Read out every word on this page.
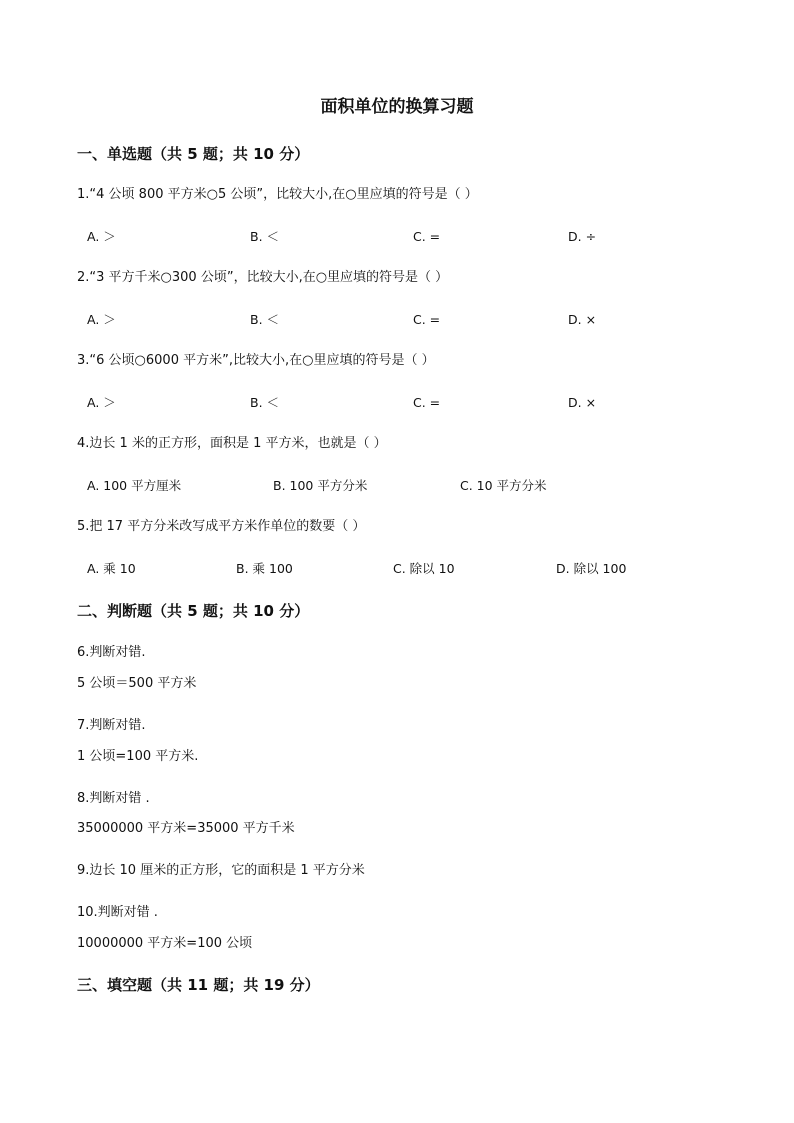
面积单位的换算习题
一、单选题（共 5 题；共 10 分）
1.“4 公顷 800 平方米○5 公顷”，比较大小,在○里应填的符号是（ ）
A. ＞	B. ＜	C. =	D. ÷
2.“3 平方千米○300 公顷”，比较大小,在○里应填的符号是（ ）
A. ＞	B. ＜	C. =	D. ×
3.“6 公顷○6000 平方米”,比较大小,在○里应填的符号是（ ）
A. ＞	B. ＜	C. =	D. ×
4.边长 1 米的正方形，面积是 1 平方米，也就是（ ）
A. 100 平方厘米	B. 100 平方分米	C. 10 平方分米
5.把 17 平方分米改写成平方米作单位的数要（ ）
A. 乘 10	B. 乘 100	C. 除以 10	D. 除以 100
二、判断题（共 5 题；共 10 分）
6.判断对错.
5 公顷＝500 平方米
7.判断对错.
1 公顷=100 平方米.
8.判断对错 .
35000000 平方米=35000 平方千米
9.边长 10 厘米的正方形，它的面积是 1 平方分米
10.判断对错 .
10000000 平方米=100 公顷
三、填空题（共 11 题；共 19 分）
